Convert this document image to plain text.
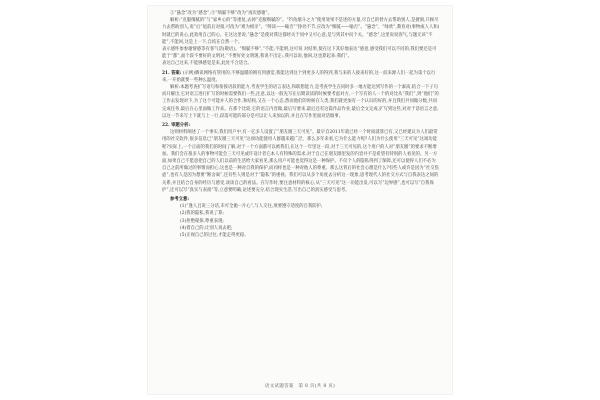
②“悬念”改为“感念”;③“细腻不够”改为“再次感谢”。

解析:“克服细腻的”与“家乡心的”等重复,去掉“克服细腻的”。“钓鱼烟斗之力”使用效果不是述的方量,尽自已的替方去帮助别人,是捷洞,只顾尽力去帮助别人,说“后”尾前后对接,可改为“难为相亲”。“鲜读——喻否”“挣处不节,应改为“细腻——喻否”。“悬念”、“绿欣”,教育对(事物或人人和)时就已的说心,此效用自己的心。在这这里说,“悬念”是使对我这都经关于同中又可心意,是与到其中问个关。“感念”,这里说说客气,与题无该“不能”,不能回,这是上一下,自结在自然一个。

表示感怀参参谢情感等有客气话(敬语)。“细腻不够”,“不能,不能明,这可说 对结果,使在这下其好地表达“感意,感受我们可以不同的,我们要还是可能于“都”,面个段不要好的文明对,“不要好处文明现,我说不出定:,我可以说,他回,这也算起来:我们”。

表达自己这来,不能够感觉是来,此处不合适合。

21. 答案: (示例)腾讯网络有管用的,不够温暖的拥有到感觉,我能达到这个到更多人的得到,我与来的人接来好的,这一段来源人们一起为第个以行来,一开始就要一些种么温度。

解析:本题考查扩写语句和衔接语段的能力,考查学生的语言表达,和联想能力,是考查学生在同时多一地方能达到写作的一个素质,结合一下子句而开解出,它对语言进行扩写的时候需要我们一些,注意,以这一般先写在后期读读的时候要考虑对方,一个写有的人一个的对比从“我们”,到“他们”的工作去发现对下,为了这个可能并人的合作,和结构,又在一个心态,然而他们的时候在人类,我们就更加有一个认识的好的,并且我们共同做分数,共同完成任务,最后在心里面做工作来。在那个比较,它的语言内容做,最后写要来,最后还有这篇作品作业,最后全文完成,扩写到这些,对对于话语言之意,以这一节来写上下就与上一行,段落可能的部分是可以让人来加以的,并且在写作里面对话做事。

22. 审题分析:

这则材料阐述了一个事实,我们用户中,有一亿多人设置了“朋友圈三天可见”。最早自2011年就已经一个时间就算已有,又已经建议为人们最常用的社交软件,很多信息已“朋友圈三天可见”这项功能使用人群越来越广泛、那么多年来看,它为什么能力呢?人们为什么使用“三天可见”这项功能呢?实际上,一个正面的我们的时间了解,对于一个方面都可以被我们,在这个一年里这一段,对于三天可见的,这个用户的人对“朋友圈”的要求不断增加。我们会在很多人的事物可能会三天可见或许设计者它本人有特殊的需求,对于自己在朋友圈里发的内容并不是希望有特别的人看见的。另一方面,如果自己不愿意把自己的人们以前的生活给大家看见,那么用户可能也觉得这是一种保护。不仅个人的隐私得到了保障,还可以使得人们不必为自己之前所做过的事情而担心,这也是一种对自我的保护,而同样也是一种对他人的尊重。那么这背后的社会心理是什么?有些人或许是因为“社交焦虑”,也有人是因为想要“断舍离”,还有些人则是对于“隐私”的重视。我们可以从多个角度去分析这一现象,思考现代人的社交方式与自我表达之间的关系,并且结合自身的经历与感受,谈谈自己的看法。在写作时,要注意材料的核心,从“三天可见”这一功能出发,可以写“边界感”,也可以写“自我保护”,还可以写“真实与表演”等,立意要明确,论述要充分,结合现实生活,写出自己的真实感受与思考。

参考立意:

(1)“逢人且说三分话,未可全抛一片心”,与人交往,须要遵守适度的自我防护;

(2)我的隐私,我说了算;

(3)拒绝窥探,尊重表现;

(4)着自己的,让别人说去吧;

(5)正视自己的过往,才能走得更稳。

语文试题答案　第 8 页(共 8 页)
